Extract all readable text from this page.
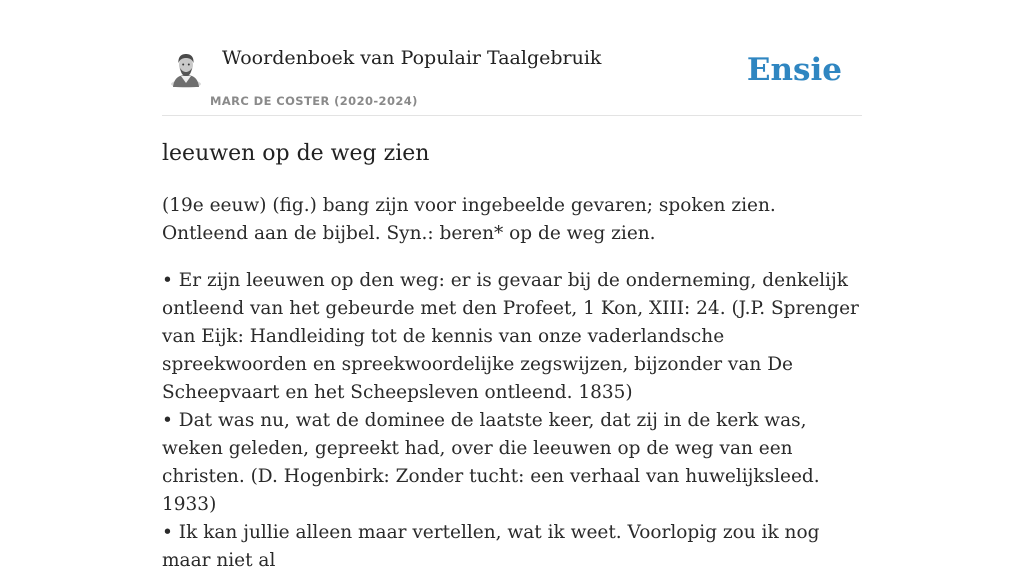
Woordenboek van Populair Taalgebruik
MARC DE COSTER (2020-2024)
Ensie
leeuwen op de weg zien

(19e eeuw) (fig.) bang zijn voor ingebeelde gevaren; spoken zien. Ontleend aan de bijbel. Syn.: beren* op de weg zien.

• Er zijn leeuwen op den weg: er is gevaar bij de onderneming, denkelijk ontleend van het gebeurde met den Profeet, 1 Kon, XIII: 24. (J.P. Sprenger van Eijk: Handleiding tot de kennis van onze vaderlandsche spreekwoorden en spreekwoordelijke zegswijzen, bijzonder van De Scheepvaart en het Scheepsleven ontleend. 1835)

• Dat was nu, wat de dominee de laatste keer, dat zij in de kerk was, weken geleden, gepreekt had, over die leeuwen op de weg van een christen. (D. Hogenbirk: Zonder tucht: een verhaal van huwelijksleed. 1933)

• Ik kan jullie alleen maar vertellen, wat ik weet. Voorlopig zou ik nog maar niet al
